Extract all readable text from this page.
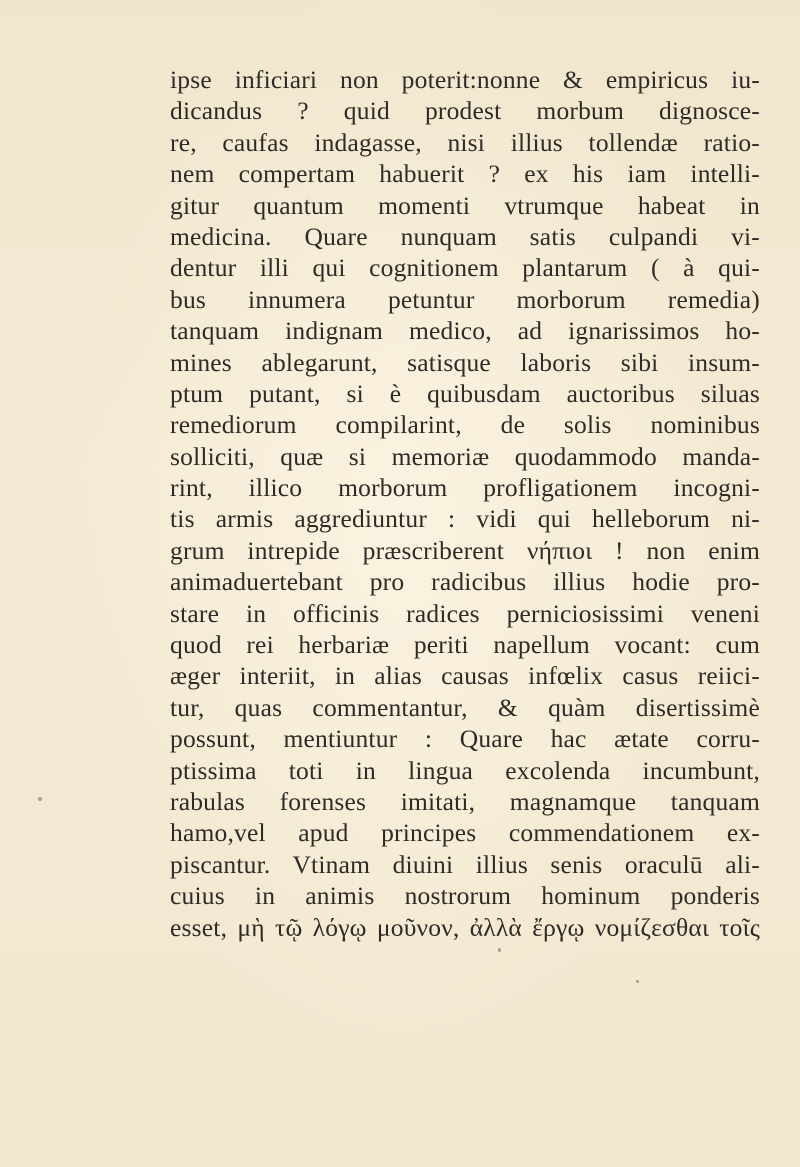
ipse inficiari non poterit:nonne & empiricus iu-
dicandus ? quid prodest morbum dignosce-
re, caufas indagasse, nisi illius tollendæ ratio-
nem compertam habuerit ? ex his iam intelli-
gitur quantum momenti vtrumque habeat in
medicina. Quare nunquam satis culpandi vi-
dentur illi qui cognitionem plantarum ( à qui-
bus innumera petuntur morborum remedia)
tanquam indignam medico, ad ignarissimos ho-
mines ablegarunt, satisque laboris sibi insum-
ptum putant, si è quibusdam auctoribus siluas
remediorum compilarint, de solis nominibus
solliciti, quæ si memoriæ quodammodo manda-
rint, illico morborum profligationem incogni-
tis armis aggrediuntur : vidi qui helleborum ni-
grum intrepide præscriberent νήπιοι ! non enim
animaduertebant pro radicibus illius hodie pro-
stare in officinis radices perniciosissimi veneni
quod rei herbariæ periti napellum vocant: cum
æger interiit, in alias causas infœlix casus reiici-
tur, quas commentantur, & quàm disertissimè
possunt, mentiuntur : Quare hac ætate corru-
ptissima toti in lingua excolenda incumbunt,
rabulas forenses imitati, magnamque tanquam
hamo,vel apud principes commendationem ex-
piscantur. Vtinam diuini illius senis oraculū ali-
cuius in animis nostrorum hominum ponderis
esset, μὴ τῷ λόγῳ μοῦνον, ἀλλὰ ἔργῳ νομίζεσθαι τοῖς
